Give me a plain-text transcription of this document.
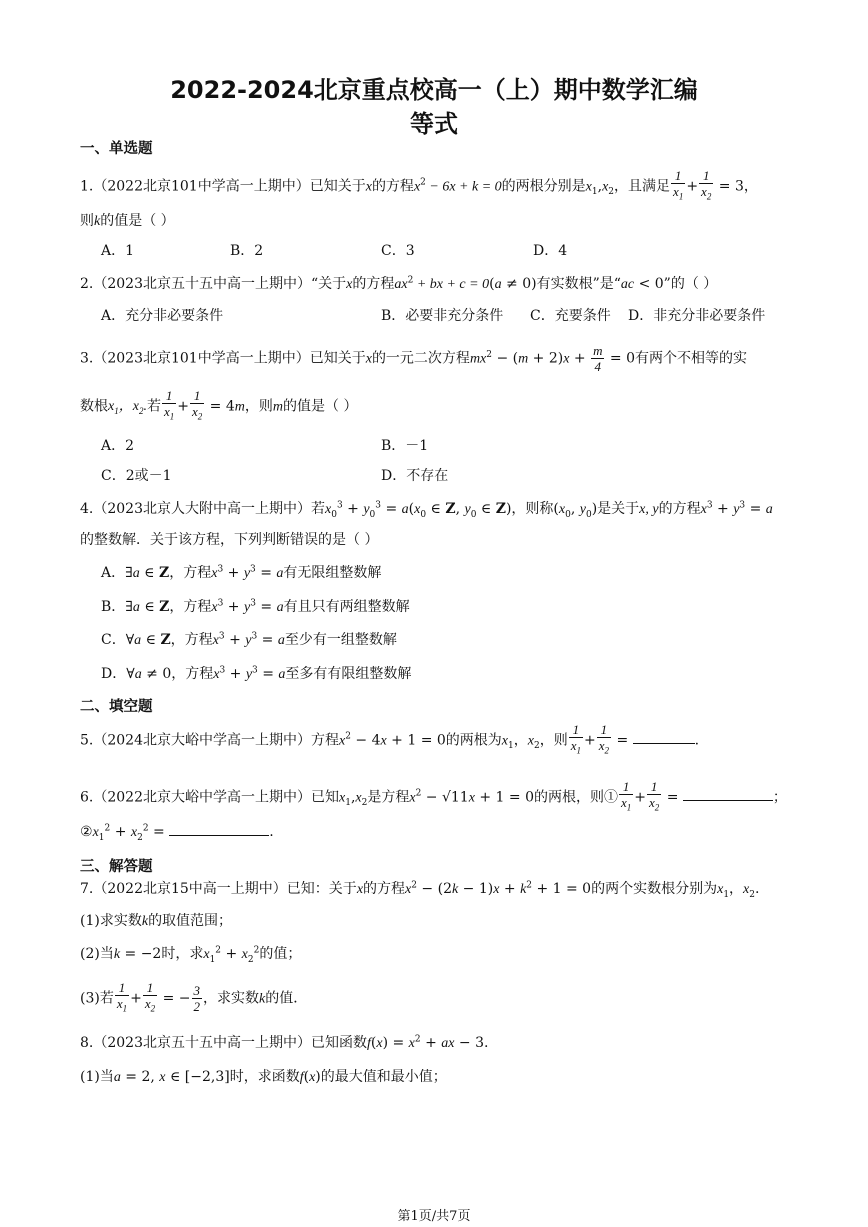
2022-2024北京重点校高一（上）期中数学汇编
等式
一、单选题
1.（2022北京101中学高一上期中）已知关于x的方程$x^2 - 6x + k = 0$的两根分别是$x_1,x_2$，且满足 $\frac{1}{x_1} + \frac{1}{x_2} = 3$，
则k的值是（ ）
A．1	B．2	C．3	D．4
2.（2023北京五十五中高一上期中）“关于x的方程$ax^2$ + bx + c = 0(a ≠ 0)有实数根”是“ac < 0”的（ ）
A．充分非必要条件	B．必要非充分条件 C．充要条件 D．非充分非必要条件
3.（2023北京101中学高一上期中）已知关于x的一元二次方程$mx^2 - (m + 2)x + \frac{m}{4} = 0$有两个不相等的实
数根$x_1$，$x_2$.若 $\frac{1}{x_1} + \frac{1}{x_2} = 4m$，则m的值是（ ）
A．2	B．－1
C．2或－1	D．不存在
4.（2023北京人大附中高一上期中）若$x_0^3 + y_0^3 = a(x_0$ ∈ Z, $y_0$ ∈ Z)，则称($x_0$, $y_0$)是关于x, y的方程$x^3 + y^3 = a$
的整数解．关于该方程，下列判断错误的是（ ）
A．∃a ∈ Z，方程$x^3 + y^3 = a$有无限组整数解
B．∃a ∈ Z，方程$x^3 + y^3 = a$有且只有两组整数解
C．∀a ∈ Z，方程$x^3 + y^3 = a$至少有一组整数解
D．∀a ≠ 0，方程$x^3 + y^3 = a$至多有有限组整数解
二、填空题
5.（2024北京大峪中学高一上期中）方程$x^2 - 4x + 1 = 0$的两根为$x_1$，$x_2$，则 $\frac{1}{x_1} + \frac{1}{x_2}$ =	.
6.（2022北京大峪中学高一上期中）已知$x_1,x_2$是方程$x^2 - √11x + 1 = 0$的两根，则① $\frac{1}{x_1} + \frac{1}{x_2}$ =	；
$②x_1^2 + x_2^2$ =	.
三、解答题
7.（2022北京15中高一上期中）已知：关于x的方程$x^2 - (2k - 1)x + k^2 + 1 = 0$的两个实数根分别为$x_1$，$x_2$.
(1)求实数k的取值范围；
(2)当k = −2时，求$x_1^2 + x_2^2$的值；
(3)若 $\frac{1}{x_1} + \frac{1}{x_2}$ = − $\frac{3}{2}$ ，求实数k的值．
8.（2023北京五十五中高一上期中）已知函数$f(x) = x^2$ + ax − 3.
(1)当a = 2, x ∈ [−2,3]时，求函数f(x)的最大值和最小值；
第1页/共7页
